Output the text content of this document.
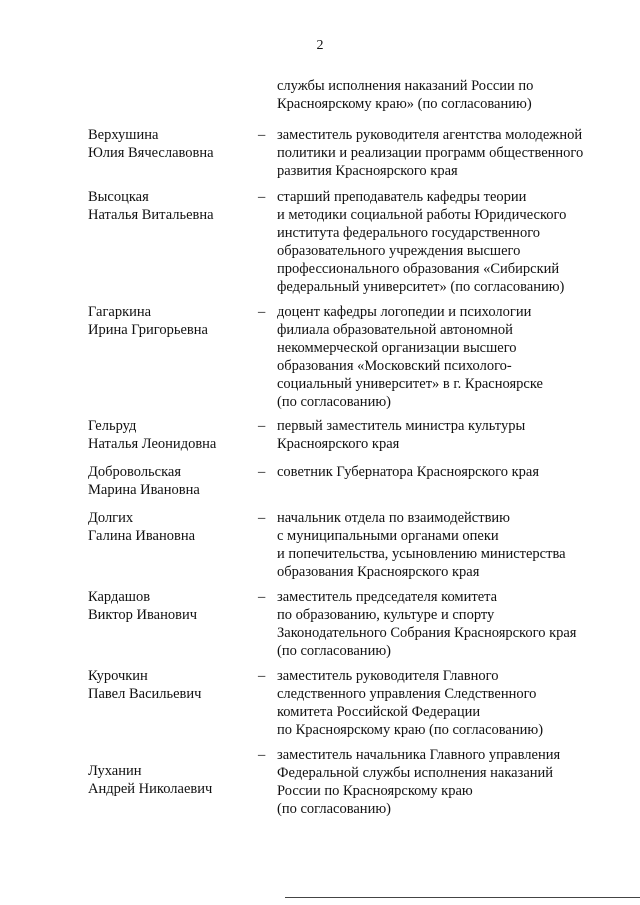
2
службы исполнения наказаний России по
Красноярскому краю» (по согласованию)
Верхушина
Юлия Вячеславовна
– заместитель руководителя агентства молодежной
политики и реализации программ общественного
развития Красноярского края
Высоцкая
Наталья Витальевна
– старший преподаватель кафедры теории
и методики социальной работы Юридического
института федерального государственного
образовательного учреждения высшего
профессионального образования «Сибирский
федеральный университет» (по согласованию)
Гагаркина
Ирина Григорьевна
– доцент кафедры логопедии и психологии
филиала образовательной автономной
некоммерческой организации высшего
образования «Московский психолого-
социальный университет» в г. Красноярске
(по согласованию)
Гельруд
Наталья Леонидовна
– первый заместитель министра культуры
Красноярского края
Добровольская
Марина Ивановна
– советник Губернатора Красноярского края
Долгих
Галина Ивановна
– начальник отдела по взаимодействию
с муниципальными органами опеки
и попечительства, усыновлению министерства
образования Красноярского края
Кардашов
Виктор Иванович
– заместитель председателя комитета
по образованию, культуре и спорту
Законодательного Собрания Красноярского края
(по согласованию)
Курочкин
Павел Васильевич
– заместитель руководителя Главного
следственного управления Следственного
комитета Российской Федерации
по Красноярскому краю (по согласованию)
Луханин
Андрей Николаевич
– заместитель начальника Главного управления
Федеральной службы исполнения наказаний
России по Красноярскому краю
(по согласованию)
